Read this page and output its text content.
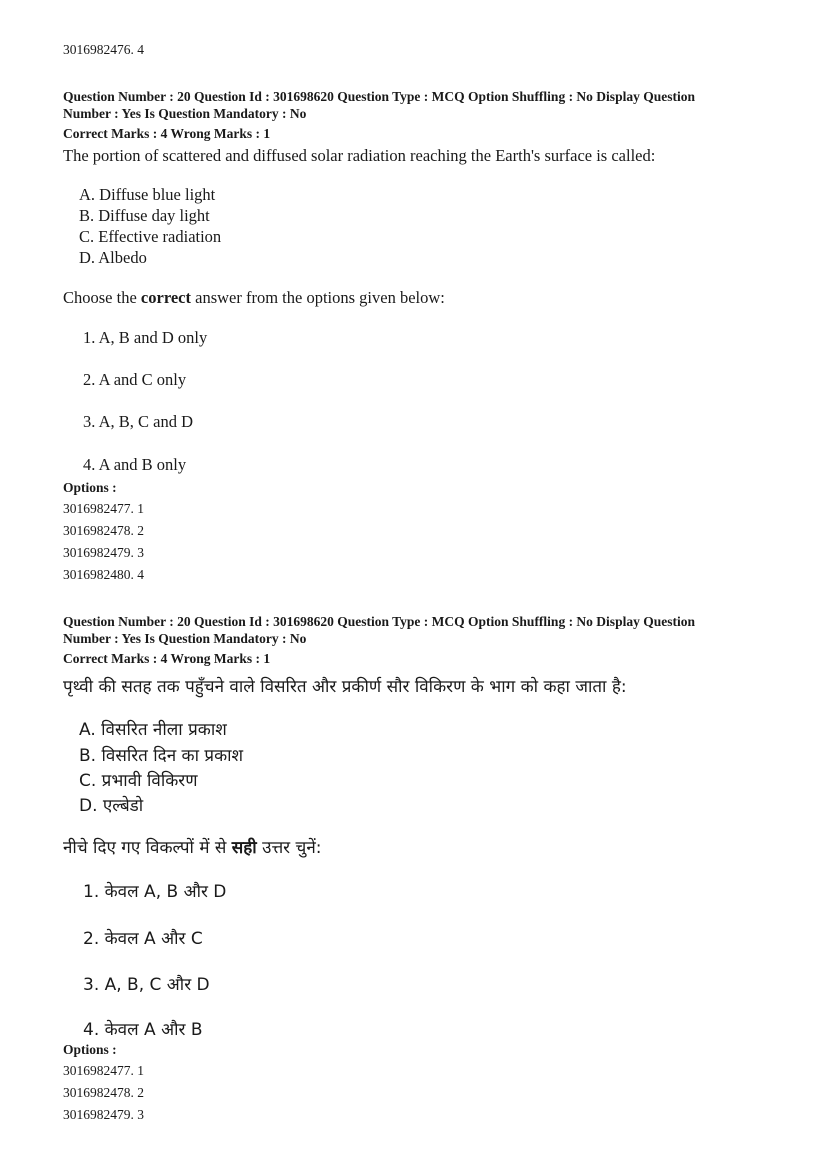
3016982476. 4
Question Number : 20 Question Id : 301698620 Question Type : MCQ Option Shuffling : No Display Question
Number : Yes Is Question Mandatory : No
Correct Marks : 4 Wrong Marks : 1
The portion of scattered and diffused solar radiation reaching the Earth's surface is called:
A. Diffuse blue light
B. Diffuse day light
C. Effective radiation
D. Albedo
Choose the correct answer from the options given below:
1. A, B and D only
2. A and C only
3. A, B, C and D
4. A and B only
Options :
3016982477. 1
3016982478. 2
3016982479. 3
3016982480. 4
Question Number : 20 Question Id : 301698620 Question Type : MCQ Option Shuffling : No Display Question
Number : Yes Is Question Mandatory : No
Correct Marks : 4 Wrong Marks : 1
पृथ्वी की सतह तक पहुँचने वाले विसरित और प्रकीर्ण सौर विकिरण के भाग को कहा जाता है:
A. विसरित नीला प्रकाश
B. विसरित दिन का प्रकाश
C. प्रभावी विकिरण
D. एल्बेडो
नीचे दिए गए विकल्पों में से सही उत्तर चुनें:
1. केवल A, B और D
2. केवल A और C
3. A, B, C और D
4. केवल A और B
Options :
3016982477. 1
3016982478. 2
3016982479. 3
